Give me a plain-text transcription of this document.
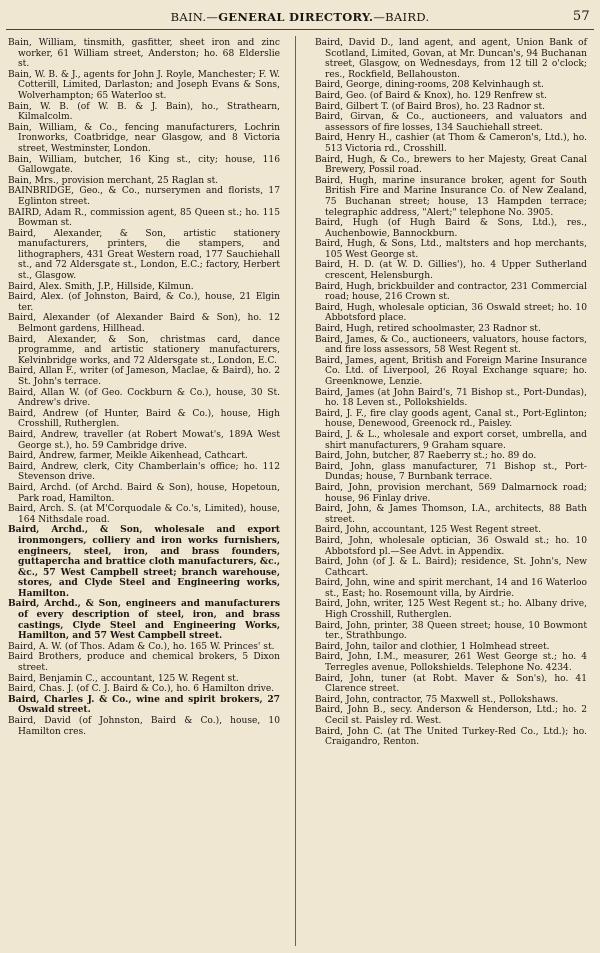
BAIN.—GENERAL DIRECTORY.—BAIRD.	57

Bain, William, tinsmith, gasfitter, sheet iron and zinc worker, 61 William street, Anderston; ho. 68 Elderslie st.

Bain, W. B. & J., agents for John J. Royle, Manchester; F. W. Cotterill, Limited, Darlaston; and Joseph Evans & Sons, Wolverhampton; 65 Waterloo st.

Bain, W. B. (of W. B. & J. Bain), ho., Strathearn, Kilmalcolm.

Bain, William, & Co., fencing manufacturers, Lochrin Ironworks, Coatbridge, near Glasgow, and 8 Victoria street, Westminster, London.

Bain, William, butcher, 16 King st., city; house, 116 Gallowgate.

Bain, Mrs., provision merchant, 25 Raglan st.

BAINBRIDGE, Geo., & Co., nurserymen and florists, 17 Eglinton street.

BAIRD, Adam R., commission agent, 85 Queen st.; ho. 115 Bowman st.

Baird, Alexander, & Son, artistic stationery manufacturers, printers, die stampers, and lithographers, 431 Great Western road, 177 Sauchiehall st., and 72 Aldersgate st., London, E.C.; factory, Herbert st., Glasgow.

Baird, Alex. Smith, J.P., Hillside, Kilmun.

Baird, Alex. (of Johnston, Baird, & Co.), house, 21 Elgin ter.

Baird, Alexander (of Alexander Baird & Son), ho. 12 Belmont gardens, Hillhead.

Baird, Alexander, & Son, christmas card, dance programme, and artistic stationery manufacturers, Kelvinbridge works, and 72 Aldersgate st., London, E.C.

Baird, Allan F., writer (of Jameson, Maclae, & Baird), ho. 2 St. John's terrace.

Baird, Allan W. (of Geo. Cockburn & Co.), house, 30 St. Andrew's drive.

Baird, Andrew (of Hunter, Baird & Co.), house, High Crosshill, Rutherglen.

Baird, Andrew, traveller (at Robert Mowat's, 189A West George st.), ho. 59 Cambridge drive.

Baird, Andrew, farmer, Meikle Aikenhead, Cathcart.

Baird, Andrew, clerk, City Chamberlain's office; ho. 112 Stevenson drive.

Baird, Archd. (of Archd. Baird & Son), house, Hopetoun, Park road, Hamilton.

Baird, Arch. S. (at M'Corquodale & Co.'s, Limited), house, 164 Nithsdale road.

Baird, Archd., & Son, wholesale and export ironmongers, colliery and iron works furnishers, engineers, steel, iron, and brass founders, guttapercha and brattice cloth manufacturers, &c., &c., 57 West Campbell street; branch warehouse, stores, and Clyde Steel and Engineering works, Hamilton.

Baird, Archd., & Son, engineers and manufacturers of every description of steel, iron, and brass castings, Clyde Steel and Engineering Works, Hamilton, and 57 West Campbell street.

Baird, A. W. (of Thos. Adam & Co.), ho. 165 W. Princes' st.

Baird Brothers, produce and chemical brokers, 5 Dixon street.

Baird, Benjamin C., accountant, 125 W. Regent st.

Baird, Chas. J. (of C. J. Baird & Co.), ho. 6 Hamilton drive.

Baird, Charles J. & Co., wine and spirit brokers, 27 Oswald street.

Baird, David (of Johnston, Baird & Co.), house, 10 Hamilton cres.

Baird, David D., land agent, and agent, Union Bank of Scotland, Limited, Govan, at Mr. Duncan's, 94 Buchanan street, Glasgow, on Wednesdays, from 12 till 2 o'clock; res., Rockfield, Bellahouston.

Baird, George, dining-rooms, 208 Kelvinhaugh st.

Baird, Geo. (of Baird & Knox), ho. 129 Renfrew st.

Baird, Gilbert T. (of Baird Bros), ho. 23 Radnor st.

Baird, Girvan, & Co., auctioneers, and valuators and assessors of fire losses, 134 Sauchiehall street.

Baird, Henry H., cashier (at Thom & Cameron's, Ltd.), ho. 513 Victoria rd., Crosshill.

Baird, Hugh, & Co., brewers to her Majesty, Great Canal Brewery, Possil road.

Baird, Hugh, marine insurance broker, agent for South British Fire and Marine Insurance Co. of New Zealand, 75 Buchanan street; house, 13 Hampden terrace; telegraphic address, "Alert;" telephone No. 3905.

Baird, Hugh (of Hugh Baird & Sons, Ltd.), res., Auchenbowie, Bannockburn.

Baird, Hugh, & Sons, Ltd., maltsters and hop merchants, 105 West George st.

Baird, H. D. (at W. D. Gillies'), ho. 4 Upper Sutherland crescent, Helensburgh.

Baird, Hugh, brickbuilder and contractor, 231 Commercial road; house, 216 Crown st.

Baird, Hugh, wholesale optician, 36 Oswald street; ho. 10 Abbotsford place.

Baird, Hugh, retired schoolmaster, 23 Radnor st.

Baird, James, & Co., auctioneers, valuators, house factors, and fire loss assessors, 58 West Regent st.

Baird, James, agent, British and Foreign Marine Insurance Co. Ltd. of Liverpool, 26 Royal Exchange square; ho. Greenknowe, Lenzie.

Baird, James (at John Baird's, 71 Bishop st., Port-Dundas), ho. 18 Leven st., Pollokshields.

Baird, J. F., fire clay goods agent, Canal st., Port-Eglinton; house, Denewood, Greenock rd., Paisley.

Baird, J. & L., wholesale and export corset, umbrella, and shirt manufacturers, 9 Graham square.

Baird, John, butcher, 87 Raeberry st.; ho. 89 do.

Baird, John, glass manufacturer, 71 Bishop st., Port-Dundas; house, 7 Burnbank terrace.

Baird, John, provision merchant, 569 Dalmarnock road; house, 96 Finlay drive.

Baird, John, & James Thomson, I.A., architects, 88 Bath street.

Baird, John, accountant, 125 West Regent street.

Baird, John, wholesale optician, 36 Oswald st.; ho. 10 Abbotsford pl.—See Advt. in Appendix.

Baird, John (of J. & L. Baird); residence, St. John's, New Cathcart.

Baird, John, wine and spirit merchant, 14 and 16 Waterloo st., East; ho. Rosemount villa, by Airdrie.

Baird, John, writer, 125 West Regent st.; ho. Albany drive, High Crosshill, Rutherglen.

Baird, John, printer, 38 Queen street; house, 10 Bowmont ter., Strathbungo.

Baird, John, tailor and clothier, 1 Holmhead street.

Baird, John, I.M., measurer, 261 West George st.; ho. 4 Terregles avenue, Pollokshields. Telephone No. 4234.

Baird, John, tuner (at Robt. Maver & Son's), ho. 41 Clarence street.

Baird, John, contractor, 75 Maxwell st., Pollokshaws.

Baird, John B., secy. Anderson & Henderson, Ltd.; ho. 2 Cecil st. Paisley rd. West.

Baird, John C. (at The United Turkey-Red Co., Ltd.); ho. Craigandro, Renton.
